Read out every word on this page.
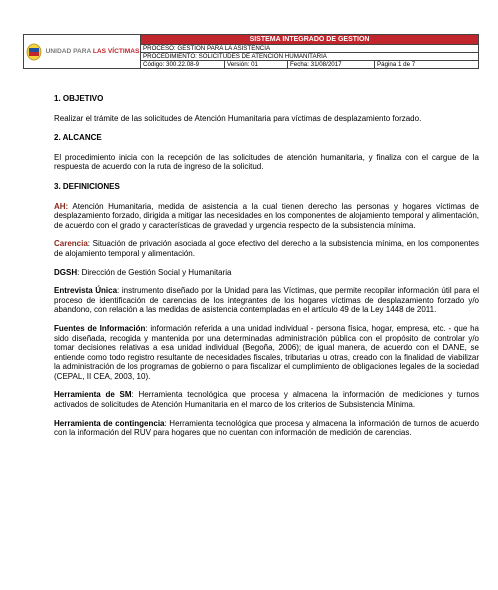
UNIDAD PARA LAS VÍCTIMAS	SISTEMA INTEGRADO DE GESTION			
	PROCESO: GESTIÓN PARA LA ASISTENCIA			
	PROCEDIMIENTO: SOLICITUDES DE ATENCIÓN HUMANITARIA			
	Código: 300.22.08-9	Versión: 01	Fecha: 31/08/2017	Página 1 de 7

1. OBJETIVO

Realizar el trámite de las solicitudes de Atención Humanitaria para víctimas de desplazamiento forzado.

2. ALCANCE

El procedimiento inicia con la recepción de las solicitudes de atención humanitaria, y finaliza con el cargue de la respuesta de acuerdo con la ruta de ingreso de la solicitud.

3. DEFINICIONES

AH: Atención Humanitaria, medida de asistencia a la cual tienen derecho las personas y hogares víctimas de desplazamiento forzado, dirigida a mitigar las necesidades en los componentes de alojamiento temporal y alimentación, de acuerdo con el grado y características de gravedad y urgencia respecto de la subsistencia mínima.

Carencia: Situación de privación asociada al goce efectivo del derecho a la subsistencia mínima, en los componentes de alojamiento temporal y alimentación.

DGSH: Dirección de Gestión Social y Humanitaria

Entrevista Única: instrumento diseñado por la Unidad para las Víctimas, que permite recopilar información útil para el proceso de identificación de carencias de los integrantes de los hogares víctimas de desplazamiento forzado y/o abandono, con relación a las medidas de asistencia contempladas en el artículo 49 de la Ley 1448 de 2011.

Fuentes de Información: información referida a una unidad individual - persona física, hogar, empresa, etc. - que ha sido diseñada, recogida y mantenida por una determinadas administración pública con el propósito de controlar y/o tomar decisiones relativas a esa unidad individual (Begoña, 2006); de igual manera, de acuerdo con el DANE, se entiende como todo registro resultante de necesidades fiscales, tributarias u otras, creado con la finalidad de viabilizar la administración de los programas de gobierno o para fiscalizar el cumplimiento de obligaciones legales de la sociedad (CEPAL, II CEA, 2003, 10).

Herramienta de SM: Herramienta tecnológica que procesa y almacena la información de mediciones y turnos activados de solicitudes de Atención Humanitaria en el marco de los criterios de Subsistencia Mínima.

Herramienta de contingencia: Herramienta tecnológica que procesa y almacena la información de turnos de acuerdo con la información del RUV para hogares que no cuentan con información de medición de carencias.
